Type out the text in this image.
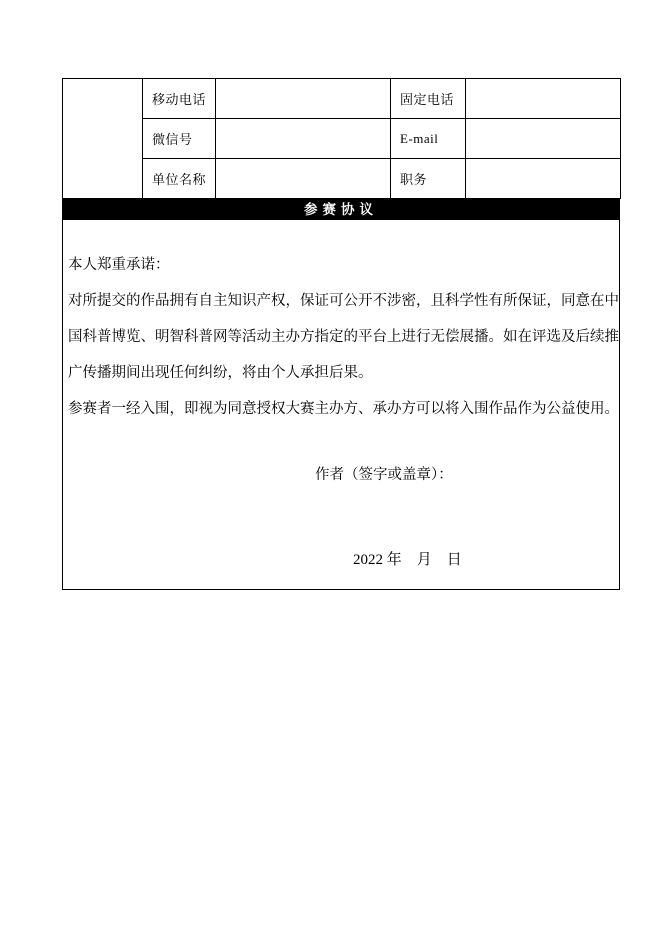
	移动电话		固定电话	
	微信号		E-mail	
	单位名称		职务	
参赛协议
本人郑重承诺：
对所提交的作品拥有自主知识产权，保证可公开不涉密，且科学性有所保证，同意在中
国科普博览、明智科普网等活动主办方指定的平台上进行无偿展播。如在评选及后续推
广传播期间出现任何纠纷，将由个人承担后果。
参赛者一经入围，即视为同意授权大赛主办方、承办方可以将入围作品作为公益使用。
作者（签字或盖章）：
2022 年　月　日
